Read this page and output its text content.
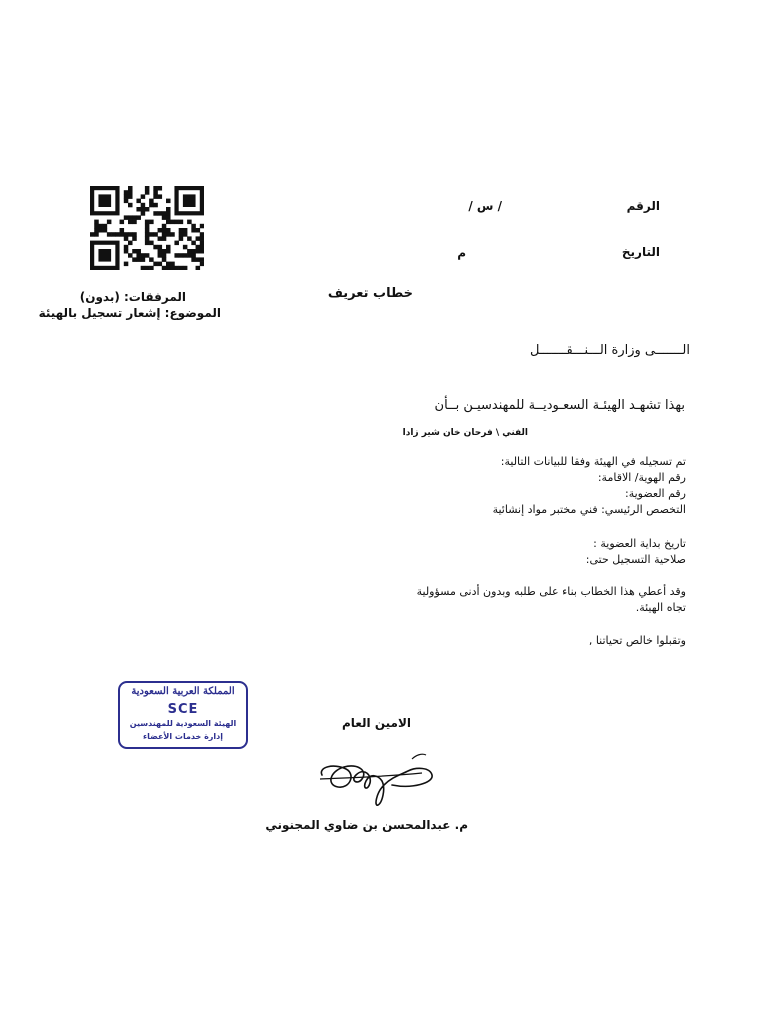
الرقم
/ س /
التاريخ
م
المرفقات: (بدون)
الموضوع: إشعار تسجيل بالهيئة
خطاب تعريف
الـــــــى وزارة الـــنـــقـــــــل
بهذا تشهـد الهيئـة السعـوديــة للمهندسيـن بــأن
الفني \ فرحان خان شير زادا
تم تسجيله في الهيئة وفقا للبيانات التالية:
رقم الهوية/ الاقامة:
رقم العضوية:
التخصص الرئيسي: فني مختبر مواد إنشائية
تاريخ بداية العضوية :
صلاحية التسجيل حتى:
وقد أعطي هذا الخطاب بناء على طلبه وبدون أدنى مسؤولية
تجاه الهيئة.
وتقبلوا خالص تحياتنا ,
المملكة العربية السعودية
SCE
الهيئة السعودية للمهندسين
إدارة خدمات الأعضاء
الامين العام
م. عبدالمحسن بن ضاوي المجنوني
